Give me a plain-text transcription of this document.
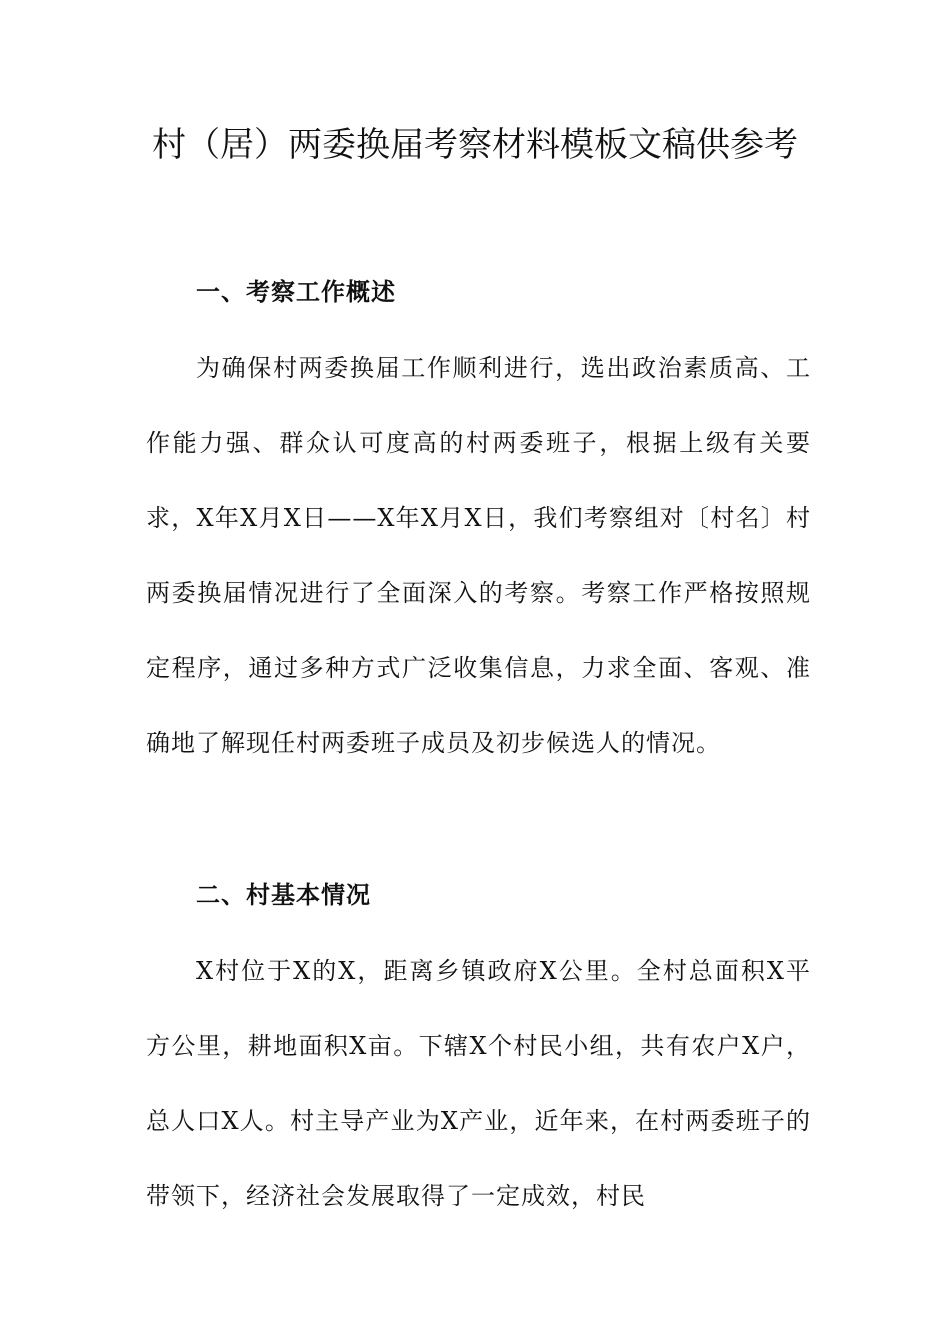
村（居）两委换届考察材料模板文稿供参考
一、考察工作概述

为确保村两委换届工作顺利进行，选出政治素质高、工作能力强、群众认可度高的村两委班子，根据上级有关要求，X年X月X日——X年X月X日，我们考察组对〔村名〕村两委换届情况进行了全面深入的考察。考察工作严格按照规定程序，通过多种方式广泛收集信息，力求全面、客观、准确地了解现任村两委班子成员及初步候选人的情况。

二、村基本情况

X村位于X的X，距离乡镇政府X公里。全村总面积X平方公里，耕地面积X亩。下辖X个村民小组，共有农户X户，总人口X人。村主导产业为X产业，近年来，在村两委班子的带领下，经济社会发展取得了一定成效，村民
